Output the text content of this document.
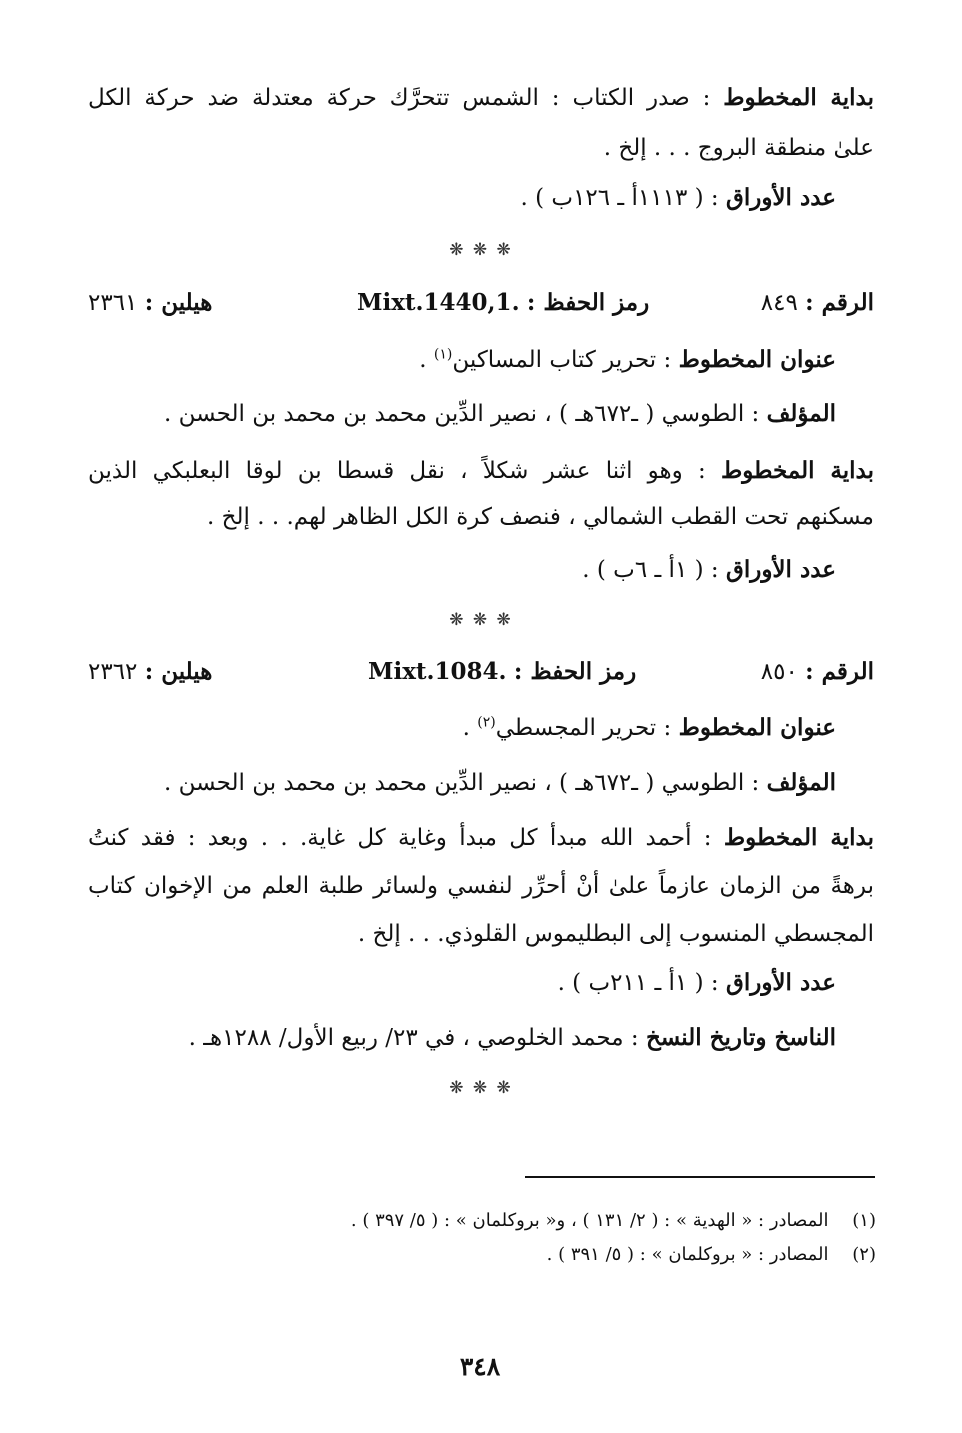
بداية المخطوط : صدر الكتاب : الشمس تتحرَّك حركة معتدلة ضد حركة الكل
علىٰ منطقة البروج . . . إلخ .
عدد الأوراق : ( ١١١٣أ ـ ١٢٦ب ) .
❋ ❋ ❋
الرقم : ٨٤٩
Mixt.1440,1. رمز الحفظ :
هيلين : ٢٣٦١
عنوان المخطوط : تحرير كتاب المساكين$^{(١)}$ .
المؤلف : الطوسي ( ـ٦٧٢هـ ) ، نصير الدِّين محمد بن محمد بن الحسن .
بداية المخطوط : وهو اثنا عشر شكلاً ، نقل قسطا بن لوقا البعلبكي الذين
مسكنهم تحت القطب الشمالي ، فنصف كرة الكل الظاهر لهم. . . إلخ .
عدد الأوراق : ( ١أ ـ ٦ب ) .
❋ ❋ ❋
الرقم : ٨٥٠
Mixt.1084. رمز الحفظ :
هيلين : ٢٣٦٢
عنوان المخطوط : تحرير المجسطي$^{(٢)}$ .
المؤلف : الطوسي ( ـ٦٧٢هـ ) ، نصير الدِّين محمد بن محمد بن الحسن .
بداية المخطوط : أحمد الله مبدأ كل مبدأ وغاية كل غاية. . . وبعد : فقد كنتُ
برهةً من الزمان عازماً علىٰ أنْ أحرِّر لنفسي ولسائر طلبة العلم من الإخوان كتاب
المجسطي المنسوب إلى البطليموس القلوذي. . . إلخ .
عدد الأوراق : ( ١أ ـ ٢١١ب ) .
الناسخ وتاريخ النسخ : محمد الخلوصي ، في ٢٣/ ربيع الأول/ ١٢٨٨هـ .
❋ ❋ ❋
(١) المصادر : « الهدية » : ( ٢/ ١٣١ ) ، و« بروكلمان » : ( ٥/ ٣٩٧ ) .
(٢) المصادر : « بروكلمان » : ( ٥/ ٣٩١ ) .
٣٤٨
